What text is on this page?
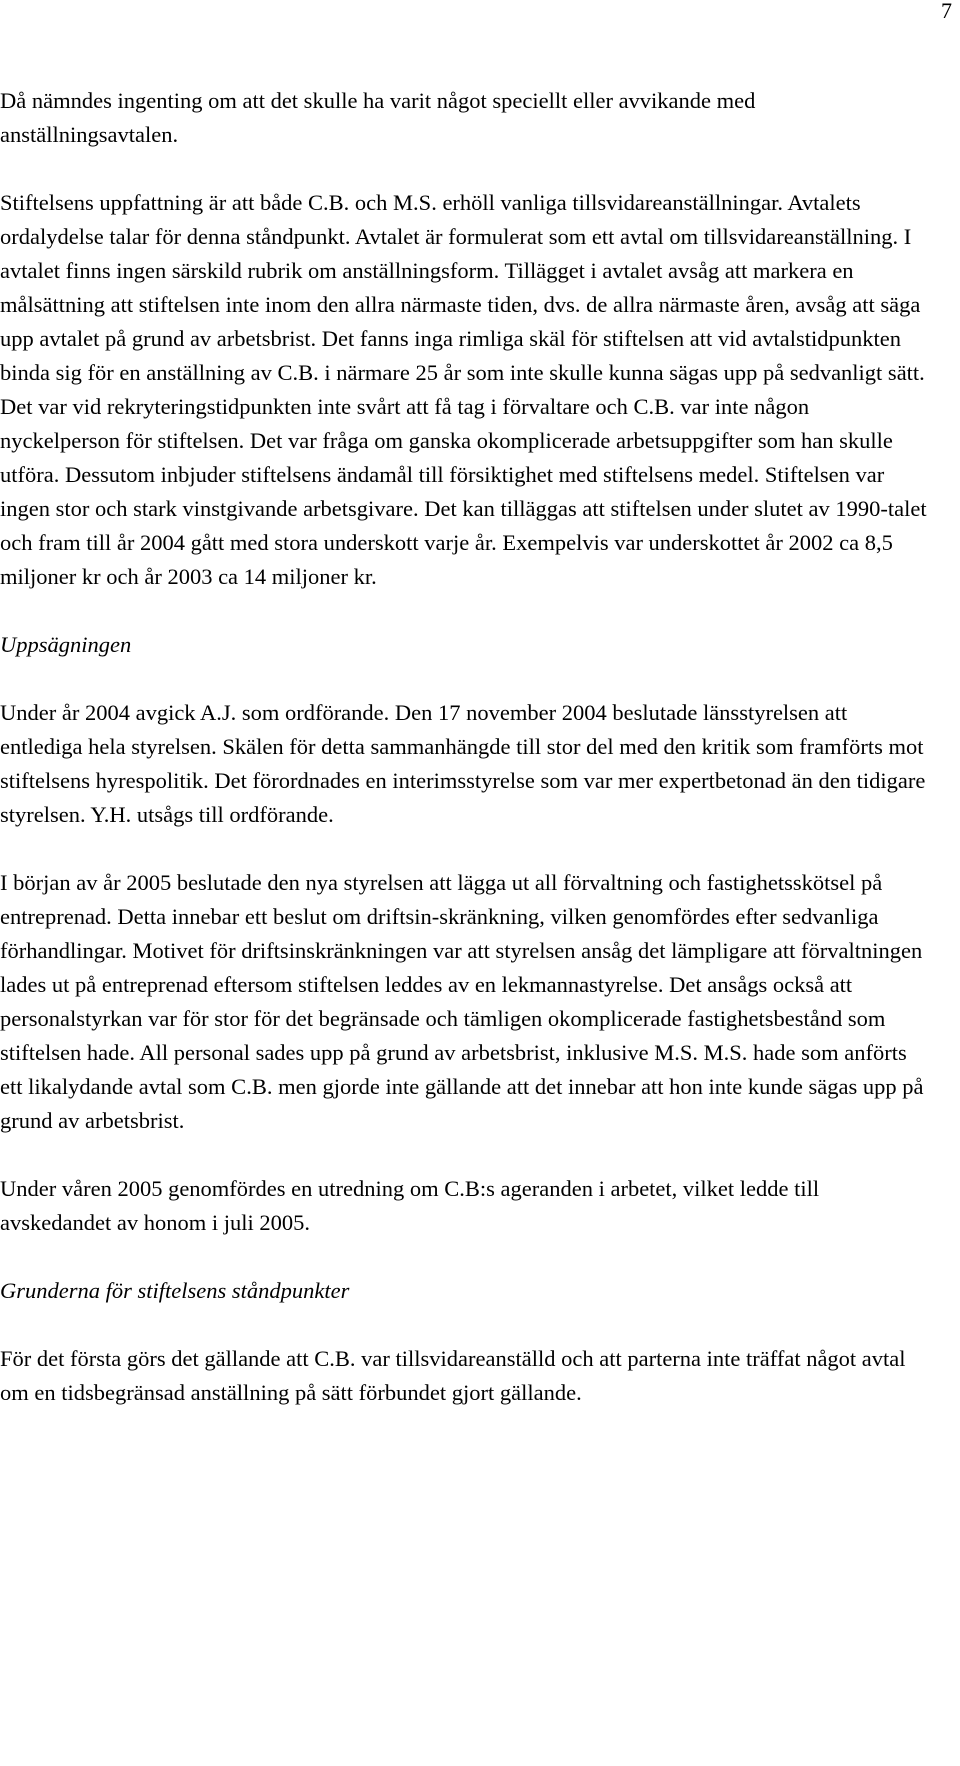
7

Då nämndes ingenting om att det skulle ha varit något speciellt eller avvikande med anställningsavtalen.

Stiftelsens uppfattning är att både C.B. och M.S. erhöll vanliga tillsvidareanställningar. Avtalets ordalydelse talar för denna ståndpunkt. Avtalet är formulerat som ett avtal om tillsvidareanställning. I avtalet finns ingen särskild rubrik om anställningsform. Tillägget i avtalet avsåg att markera en målsättning att stiftelsen inte inom den allra närmaste tiden, dvs. de allra närmaste åren, avsåg att säga upp avtalet på grund av arbetsbrist. Det fanns inga rimliga skäl för stiftelsen att vid avtalstidpunkten binda sig för en anställning av C.B. i närmare 25 år som inte skulle kunna sägas upp på sedvanligt sätt. Det var vid rekryteringstidpunkten inte svårt att få tag i förvaltare och C.B. var inte någon nyckelperson för stiftelsen. Det var fråga om ganska okomplicerade arbetsuppgifter som han skulle utföra. Dessutom inbjuder stiftelsens ändamål till försiktighet med stiftelsens medel. Stiftelsen var ingen stor och stark vinstgivande arbetsgivare. Det kan tilläggas att stiftelsen under slutet av 1990-talet och fram till år 2004 gått med stora underskott varje år. Exempelvis var underskottet år 2002 ca 8,5 miljoner kr och år 2003 ca 14 miljoner kr.

Uppsägningen

Under år 2004 avgick A.J. som ordförande. Den 17 november 2004 beslutade länsstyrelsen att entlediga hela styrelsen. Skälen för detta sammanhängde till stor del med den kritik som framförts mot stiftelsens hyrespolitik. Det förordnades en interimsstyrelse som var mer expertbetonad än den tidigare styrelsen. Y.H. utsågs till ordförande.

I början av år 2005 beslutade den nya styrelsen att lägga ut all förvaltning och fastighetsskötsel på entreprenad. Detta innebar ett beslut om driftsin-skränkning, vilken genomfördes efter sedvanliga förhandlingar. Motivet för driftsinskränkningen var att styrelsen ansåg det lämpligare att förvaltningen lades ut på entreprenad eftersom stiftelsen leddes av en lekmannastyrelse. Det ansågs också att personalstyrkan var för stor för det begränsade och tämligen okomplicerade fastighetsbestånd som stiftelsen hade. All personal sades upp på grund av arbetsbrist, inklusive M.S. M.S. hade som anförts ett likalydande avtal som C.B. men gjorde inte gällande att det innebar att hon inte kunde sägas upp på grund av arbetsbrist.

Under våren 2005 genomfördes en utredning om C.B:s ageranden i arbetet, vilket ledde till avskedandet av honom i juli 2005.

Grunderna för stiftelsens ståndpunkter

För det första görs det gällande att C.B. var tillsvidareanställd och att parterna inte träffat något avtal om en tidsbegränsad anställning på sätt förbundet gjort gällande.
